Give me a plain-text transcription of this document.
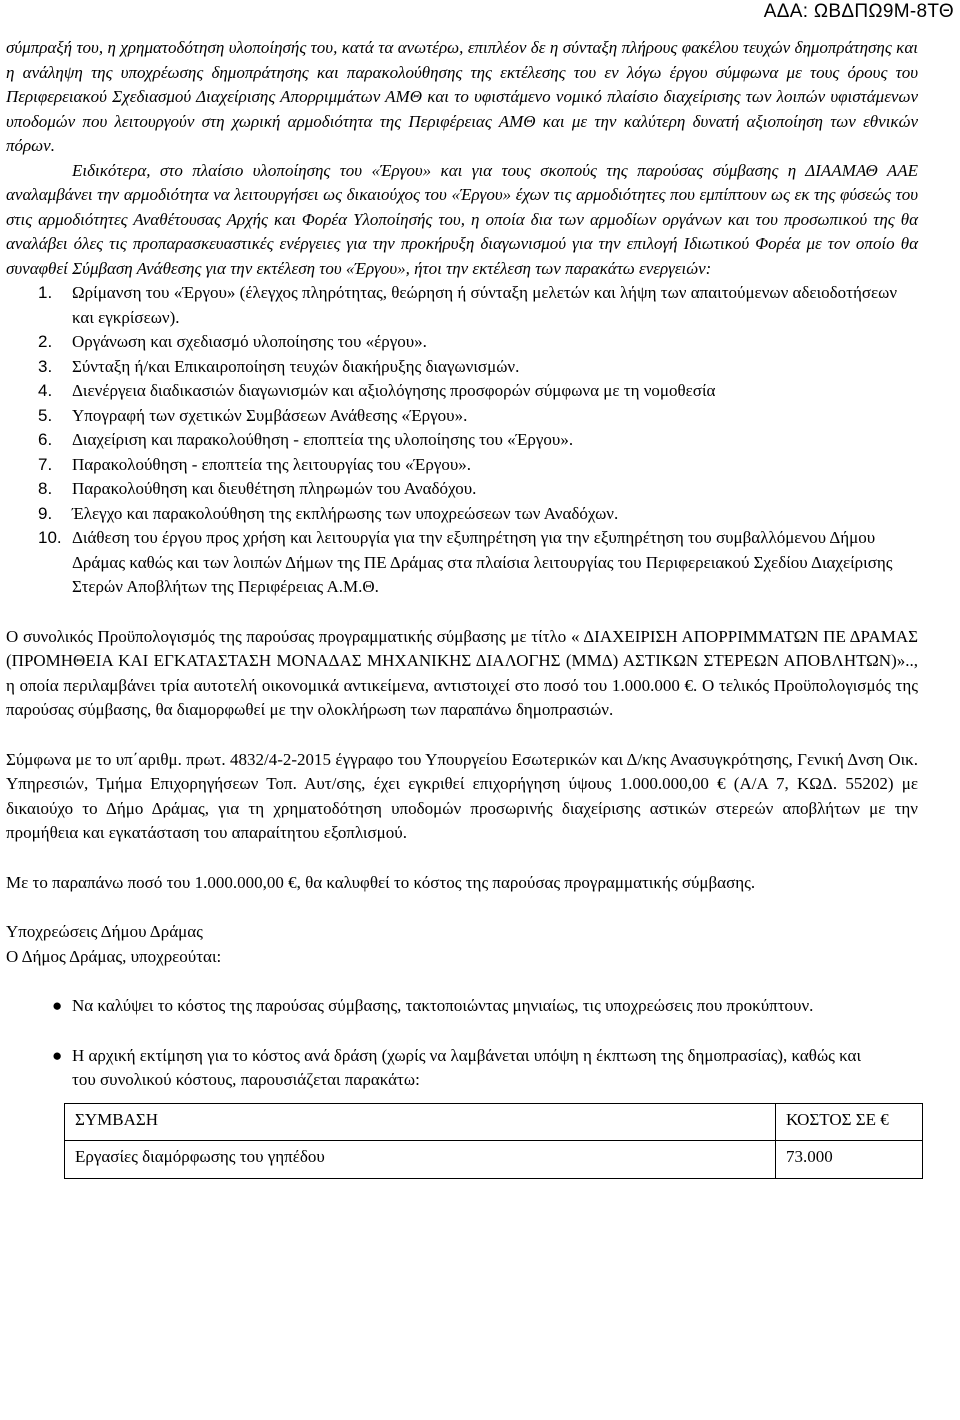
ΑΔΑ: ΩΒΔΠΩ9Μ-8ΤΘ

σύμπραξή του, η χρηματοδότηση υλοποίησής του, κατά τα ανωτέρω, επιπλέον δε η σύνταξη πλήρους φακέλου τευχών δημοπράτησης και η ανάληψη της υποχρέωσης δημοπράτησης και παρακολούθησης της εκτέλεσης του εν λόγω έργου σύμφωνα με τους όρους του Περιφερειακού Σχεδιασμού Διαχείρισης Απορριμμάτων ΑΜΘ και το υφιστάμενο νομικό πλαίσιο διαχείρισης των λοιπών υφιστάμενων υποδομών που λειτουργούν στη χωρική αρμοδιότητα της Περιφέρειας ΑΜΘ και με την καλύτερη δυνατή αξιοποίηση των εθνικών πόρων.

Ειδικότερα, στο πλαίσιο υλοποίησης του «Έργου» και για τους σκοπούς της παρούσας σύμβασης η ΔΙΑΑΜΑΘ ΑΑΕ αναλαμβάνει την αρμοδιότητα να λειτουργήσει ως δικαιούχος του «Έργου» έχων τις αρμοδιότητες που εμπίπτουν ως εκ της φύσεώς του στις αρμοδιότητες Αναθέτουσας Αρχής και Φορέα Υλοποίησής του, η οποία δια των αρμοδίων οργάνων και του προσωπικού της θα αναλάβει όλες τις προπαρασκευαστικές ενέργειες για την προκήρυξη διαγωνισμού για την επιλογή Ιδιωτικού Φορέα με τον οποίο θα συναφθεί Σύμβαση Ανάθεσης για την εκτέλεση του «Έργου», ήτοι την εκτέλεση των παρακάτω ενεργειών:

1. Ωρίμανση του «Έργου» (έλεγχος πληρότητας, θεώρηση ή σύνταξη μελετών και λήψη των απαιτούμενων αδειοδοτήσεων και εγκρίσεων).
2. Οργάνωση και σχεδιασμό υλοποίησης του «έργου».
3. Σύνταξη ή/και Επικαιροποίηση τευχών διακήρυξης διαγωνισμών.
4. Διενέργεια διαδικασιών διαγωνισμών και αξιολόγησης προσφορών σύμφωνα με τη νομοθεσία
5. Υπογραφή των σχετικών Συμβάσεων Ανάθεσης «Έργου».
6. Διαχείριση και παρακολούθηση - εποπτεία της υλοποίησης του «Έργου».
7. Παρακολούθηση - εποπτεία της λειτουργίας του «Έργου».
8. Παρακολούθηση και διευθέτηση πληρωμών του Αναδόχου.
9. Έλεγχο και παρακολούθηση της εκπλήρωσης των υποχρεώσεων των Αναδόχων.
10. Διάθεση του έργου προς χρήση και λειτουργία για την εξυπηρέτηση για την εξυπηρέτηση του συμβαλλόμενου Δήμου Δράμας καθώς και των λοιπών Δήμων της ΠΕ Δράμας στα πλαίσια λειτουργίας του Περιφερειακού Σχεδίου Διαχείρισης Στερών Αποβλήτων της Περιφέρειας Α.Μ.Θ.

Ο συνολικός Προϋπολογισμός της παρούσας προγραμματικής σύμβασης με τίτλο « ΔΙΑΧΕΙΡΙΣΗ ΑΠΟΡΡΙΜΜΑΤΩΝ ΠΕ ΔΡΑΜΑΣ (ΠΡΟΜΗΘΕΙΑ ΚΑΙ ΕΓΚΑΤΑΣΤΑΣΗ ΜΟΝΑΔΑΣ ΜΗΧΑΝΙΚΗΣ ΔΙΑΛΟΓΗΣ (ΜΜΔ) ΑΣΤΙΚΩΝ ΣΤΕΡΕΩΝ ΑΠΟΒΛΗΤΩΝ)».., η οποία περιλαμβάνει τρία αυτοτελή οικονομικά αντικείμενα, αντιστοιχεί στο ποσό του 1.000.000 €. Ο τελικός Προϋπολογισμός της παρούσας σύμβασης, θα διαμορφωθεί με την ολοκλήρωση των παραπάνω δημοπρασιών.

Σύμφωνα με το υπ΄αριθμ. πρωτ. 4832/4-2-2015 έγγραφο του Υπουργείου Εσωτερικών και Δ/κης Ανασυγκρότησης, Γενική Δνση Οικ. Υπηρεσιών, Τμήμα Επιχορηγήσεων Τοπ. Αυτ/σης, έχει εγκριθεί επιχορήγηση ύψους 1.000.000,00 € (Α/Α 7, ΚΩΔ. 55202) με δικαιούχο το Δήμο Δράμας, για τη χρηματοδότηση υποδομών προσωρινής διαχείρισης αστικών στερεών αποβλήτων με την προμήθεια και εγκατάσταση του απαραίτητου εξοπλισμού.

Με το παραπάνω ποσό του 1.000.000,00 €, θα καλυφθεί το κόστος της παρούσας προγραμματικής σύμβασης.

Υποχρεώσεις Δήμου Δράμας

Ο Δήμος Δράμας, υποχρεούται:

● Να καλύψει το κόστος της παρούσας σύμβασης, τακτοποιώντας μηνιαίως, τις υποχρεώσεις που προκύπτουν.
● Η αρχική εκτίμηση για το κόστος ανά δράση (χωρίς να λαμβάνεται υπόψη η έκπτωση της δημοπρασίας), καθώς και του συνολικού κόστους, παρουσιάζεται παρακάτω:
ΣΥΜΒΑΣΗ	ΚΟΣΤΟΣ ΣΕ €
Εργασίες διαμόρφωσης του γηπέδου	73.000
